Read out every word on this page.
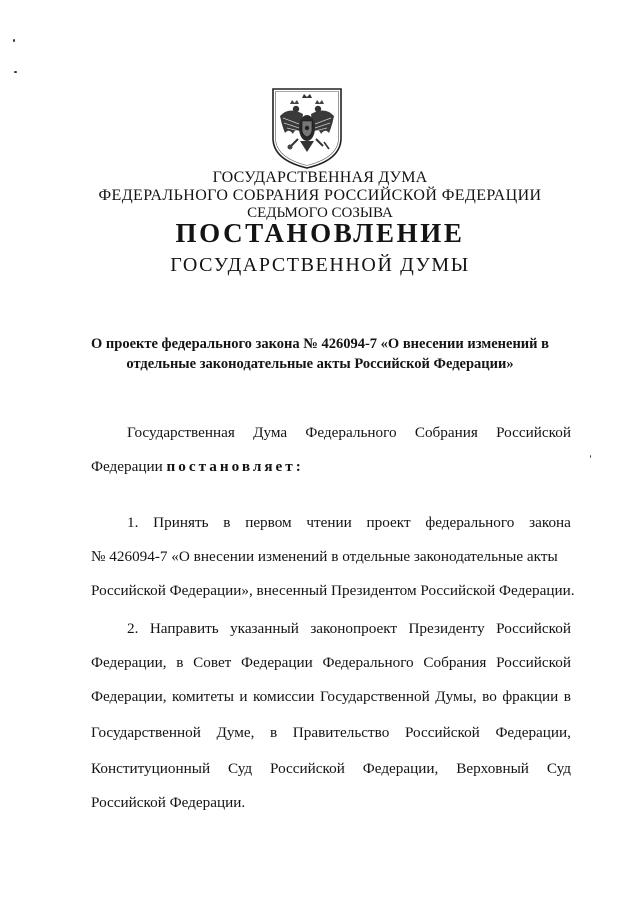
ГОСУДАРСТВЕННАЯ ДУМА
ФЕДЕРАЛЬНОГО СОБРАНИЯ РОССИЙСКОЙ ФЕДЕРАЦИИ
СЕДЬМОГО СОЗЫВА
ПОСТАНОВЛЕНИЕ
ГОСУДАРСТВЕННОЙ ДУМЫ
О проекте федерального закона № 426094-7 «О внесении изменений в
отдельные законодательные акты Российской Федерации»
Государственная Дума Федерального Собрания Российской
Федерации постановляет:
1. Принять в первом чтении проект федерального закона
№ 426094-7 «О внесении изменений в отдельные законодательные акты
Российской Федерации», внесенный Президентом Российской Федерации.
2. Направить указанный законопроект Президенту Российской
Федерации, в Совет Федерации Федерального Собрания Российской
Федерации, комитеты и комиссии Государственной Думы, во фракции в
Государственной Думе, в Правительство Российской Федерации,
Конституционный Суд Российской Федерации, Верховный Суд
Российской Федерации.
